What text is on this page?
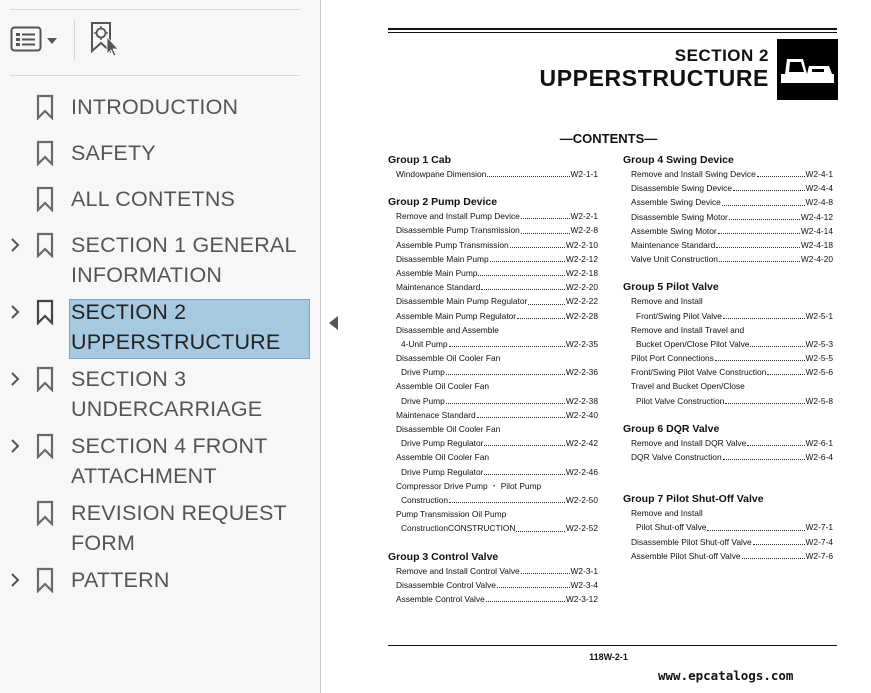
INTRODUCTION
SAFETY
ALL CONTETNS
SECTION 1 GENERAL
INFORMATION
SECTION 2
UPPERSTRUCTURE
SECTION 3
UNDERCARRIAGE
SECTION 4 FRONT
ATTACHMENT
REVISION REQUEST
FORM
PATTERN
SECTION 2
UPPERSTRUCTURE
—CONTENTS—
Group 1 Cab
Windowpane Dimension	W2-1-1
Group 2 Pump Device
Remove and Install Pump Device	W2-2-1
Disassemble Pump Transmission	W2-2-8
Assemble Pump Transmission	W2-2-10
Disassemble Main Pump	W2-2-12
Assemble Main Pump	W2-2-18
Maintenance Standard	W2-2-20
Disassemble Main Pump Regulator	W2-2-22
Assemble Main Pump Regulator	W2-2-28
Disassemble and Assemble
4-Unit Pump	W2-2-35
Disassemble Oil Cooler Fan
Drive Pump	W2-2-36
Assemble Oil Cooler Fan
Drive Pump	W2-2-38
Maintenace Standard	W2-2-40
Disassemble Oil Cooler Fan
Drive Pump Regulator	W2-2-42
Assemble Oil Cooler Fan
Drive Pump Regulator	W2-2-46
Compressor Drive Pump ・ Pilot Pump
Construction	W2-2-50
Pump Transmission Oil Pump
ConstructionCONSTRUCTION	W2-2-52
Group 3 Control Valve
Remove and Install Control Valve	W2-3-1
Disassemble Control Valve	W2-3-4
Assemble Control Valve	W2-3-12
Group 4 Swing Device
Remove and Install Swing Device	W2-4-1
Disassemble Swing Device	W2-4-4
Assemble Swing Device	W2-4-8
Disassemble Swing Motor	W2-4-12
Assemble Swing Motor	W2-4-14
Maintenance Standard	W2-4-18
Valve Unit Construction	W2-4-20
Group 5 Pilot Valve
Remove and Install
Front/Swing Pilot Valve	W2-5-1
Remove and Install Travel and
Bucket Open/Close Pilot Valve	W2-5-3
Pilot Port Connections	W2-5-5
Front/Swing Pilot Valve Construction	W2-5-6
Travel and Bucket Open/Close
Pilot Valve Construction	W2-5-8
Group 6 DQR Valve
Remove and Install DQR Valve	W2-6-1
DQR Valve Construction	W2-6-4
Group 7 Pilot Shut-Off Valve
Remove and Install
Pilot Shut-off Valve	W2-7-1
Disassemble Pilot Shut-off Valve	W2-7-4
Assemble Pilot Shut-off Valve	W2-7-6
118W-2-1
www.epcatalogs.com
